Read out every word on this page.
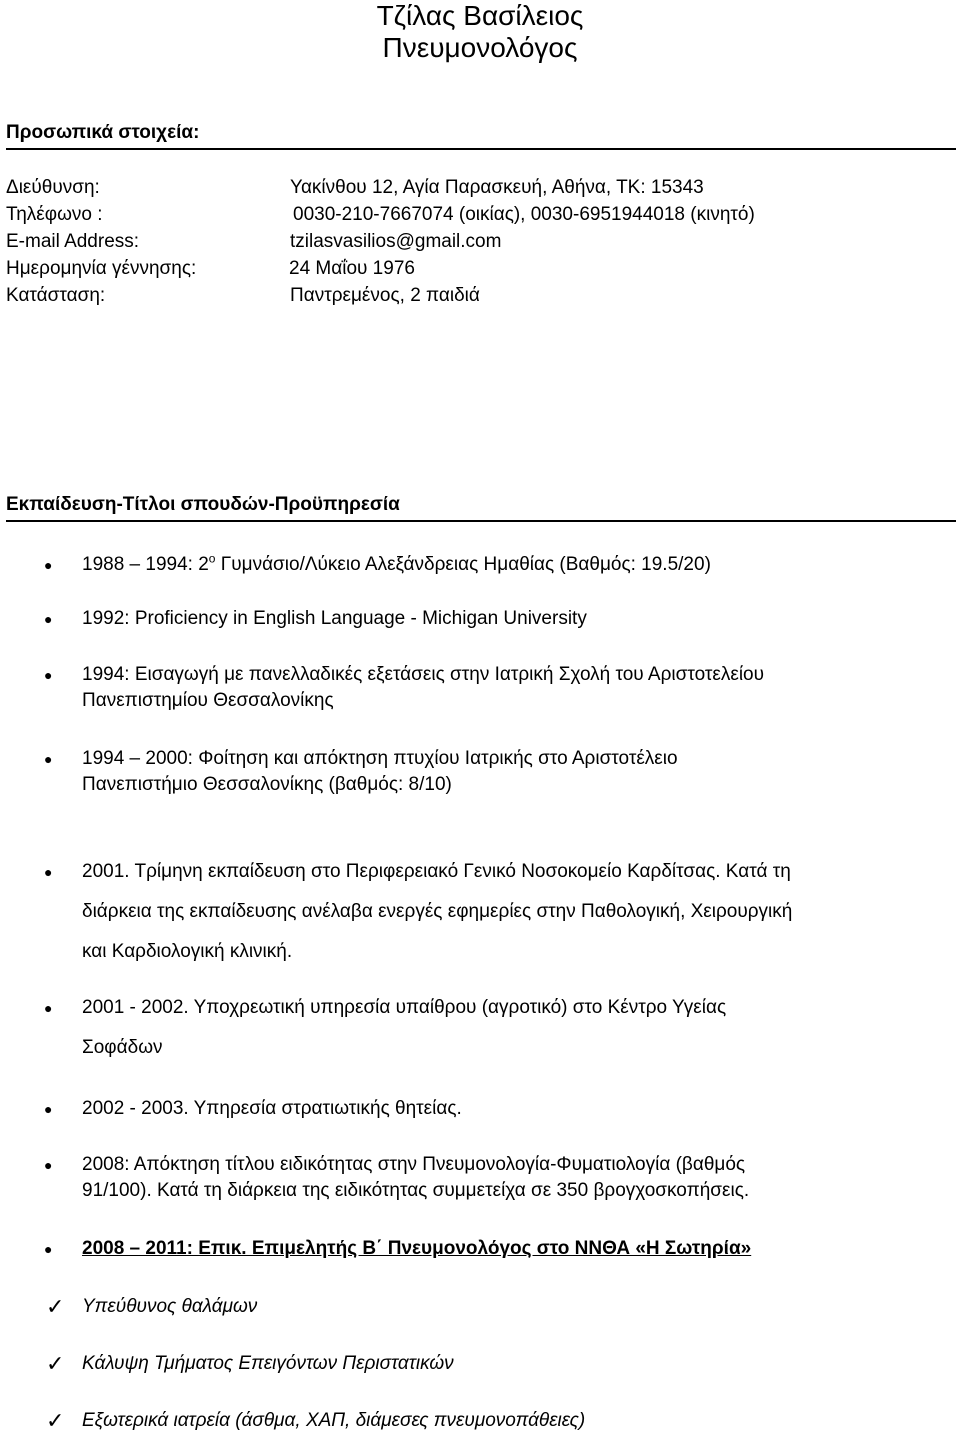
Τζίλας Βασίλειος
Πνευμονολόγος
Προσωπικά στοιχεία:
Διεύθυνση:	Υακίνθου 12, Αγία Παρασκευή, Αθήνα, ΤΚ: 15343
Τηλέφωνο :	0030-210-7667074 (οικίας), 0030-6951944018 (κινητό)
E-mail Address:	tzilasvasilios@gmail.com
Ημερομηνία γέννησης:	24 Μαΐου 1976
Κατάσταση:	Παντρεμένος, 2 παιδιά
Εκπαίδευση-Τίτλοι σπουδών-Προϋπηρεσία
● 1988 – 1994: $2^o$ Γυμνάσιο/Λύκειο Αλεξάνδρειας Ημαθίας (Βαθμός: 19.5/20)
● 1992: Proficiency in English Language - Michigan University
● 1994: Εισαγωγή με πανελλαδικές εξετάσεις στην Ιατρική Σχολή του Αριστοτελείου
Πανεπιστημίου Θεσσαλονίκης
● 1994 – 2000: Φοίτηση και απόκτηση πτυχίου Ιατρικής στο Αριστοτέλειο
Πανεπιστήμιο Θεσσαλονίκης (βαθμός: 8/10)
● 2001. Τρίμηνη εκπαίδευση στο Περιφερειακό Γενικό Νοσοκομείο Καρδίτσας. Κατά τη
διάρκεια της εκπαίδευσης ανέλαβα ενεργές εφημερίες στην Παθολογική, Χειρουργική
και Καρδιολογική κλινική.
● 2001 - 2002. Υποχρεωτική υπηρεσία υπαίθρου (αγροτικό) στο Κέντρο Υγείας
Σοφάδων
● 2002 - 2003. Υπηρεσία στρατιωτικής θητείας.
● 2008: Απόκτηση τίτλου ειδικότητας στην Πνευμονολογία-Φυματιολογία (βαθμός
91/100). Κατά τη διάρκεια της ειδικότητας συμμετείχα σε 350 βρογχοσκοπήσεις.
● 2008 – 2011: Επικ. Επιμελητής Β΄ Πνευμονολόγος στο ΝΝΘΑ «Η Σωτηρία»
✓ Υπεύθυνος θαλάμων
✓ Κάλυψη Τμήματος Επειγόντων Περιστατικών
✓ Εξωτερικά ιατρεία (άσθμα, ΧΑΠ, διάμεσες πνευμονοπάθειες)
